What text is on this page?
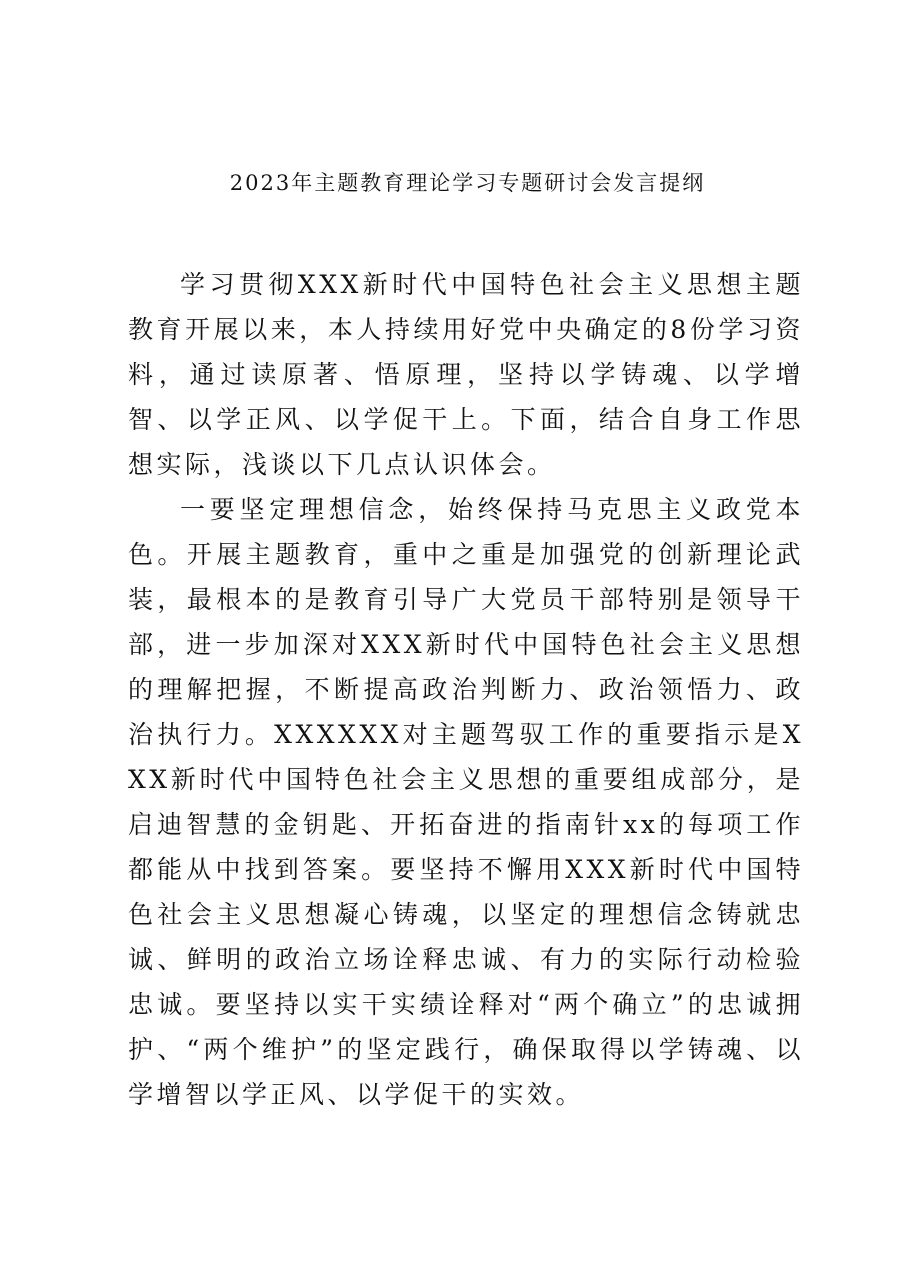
2023年主题教育理论学习专题研讨会发言提纲

学习贯彻XXX新时代中国特色社会主义思想主题教育开展以来，本人持续用好党中央确定的8份学习资料，通过读原著、悟原理，坚持以学铸魂、以学增智、以学正风、以学促干上。下面，结合自身工作思想实际，浅谈以下几点认识体会。

一要坚定理想信念，始终保持马克思主义政党本色。开展主题教育，重中之重是加强党的创新理论武装，最根本的是教育引导广大党员干部特别是领导干部，进一步加深对XXX新时代中国特色社会主义思想的理解把握，不断提高政治判断力、政治领悟力、政治执行力。XXXXXX对主题驾驭工作的重要指示是XXX新时代中国特色社会主义思想的重要组成部分，是启迪智慧的金钥匙、开拓奋进的指南针xx的每项工作都能从中找到答案。要坚持不懈用XXX新时代中国特色社会主义思想凝心铸魂，以坚定的理想信念铸就忠诚、鲜明的政治立场诠释忠诚、有力的实际行动检验忠诚。要坚持以实干实绩诠释对“两个确立”的忠诚拥护、“两个维护”的坚定践行，确保取得以学铸魂、以学增智以学正风、以学促干的实效。
